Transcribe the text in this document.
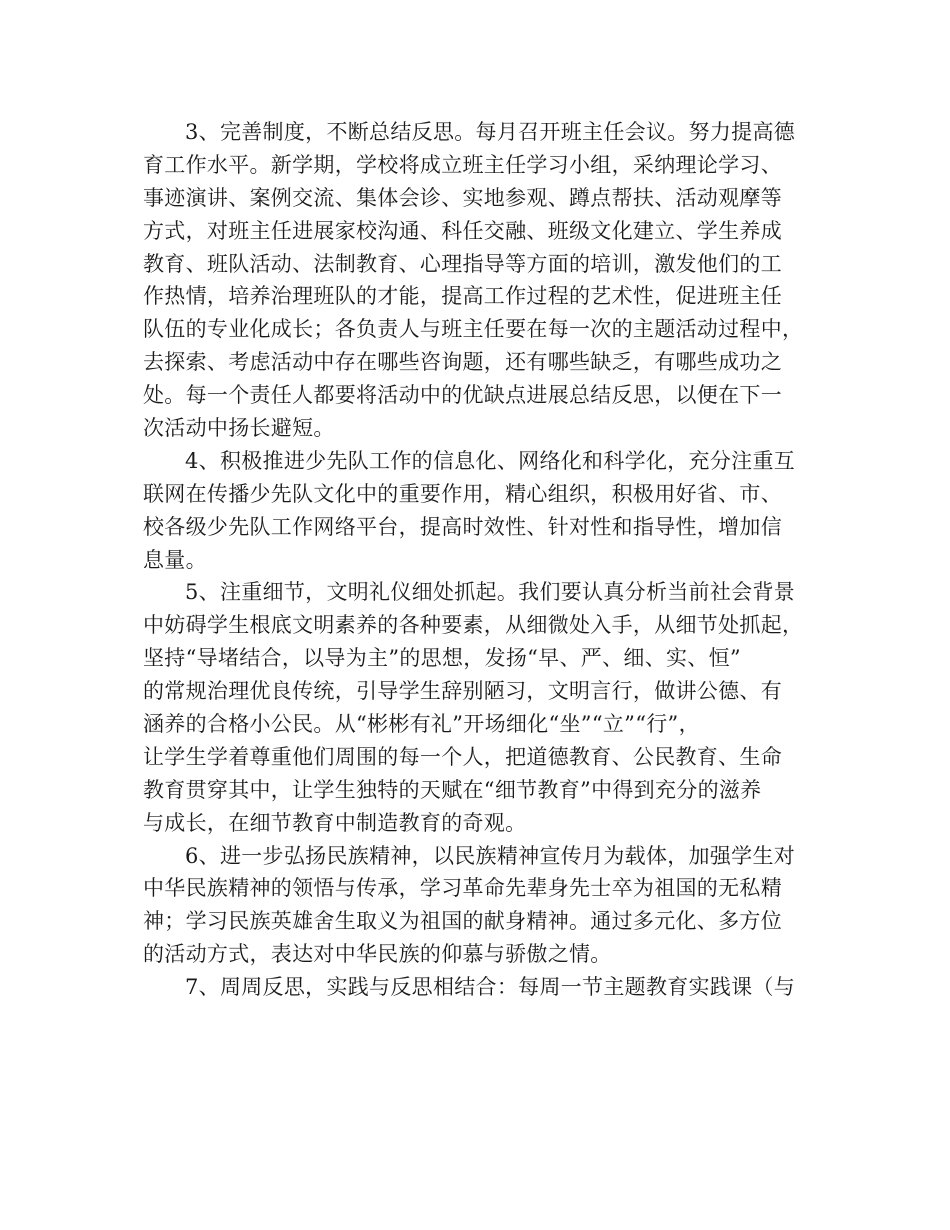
3、完善制度，不断总结反思。每月召开班主任会议。努力提高德
育工作水平。新学期，学校将成立班主任学习小组，采纳理论学习、
事迹演讲、案例交流、集体会诊、实地参观、蹲点帮扶、活动观摩等
方式，对班主任进展家校沟通、科任交融、班级文化建立、学生养成
教育、班队活动、法制教育、心理指导等方面的培训，激发他们的工
作热情，培养治理班队的才能，提高工作过程的艺术性，促进班主任
队伍的专业化成长；各负责人与班主任要在每一次的主题活动过程中，
去探索、考虑活动中存在哪些咨询题，还有哪些缺乏，有哪些成功之
处。每一个责任人都要将活动中的优缺点进展总结反思，以便在下一
次活动中扬长避短。
4、积极推进少先队工作的信息化、网络化和科学化，充分注重互
联网在传播少先队文化中的重要作用，精心组织，积极用好省、市、
校各级少先队工作网络平台，提高时效性、针对性和指导性，增加信
息量。
5、注重细节，文明礼仪细处抓起。我们要认真分析当前社会背景
中妨碍学生根底文明素养的各种要素，从细微处入手，从细节处抓起，
坚持“导堵结合，以导为主”的思想，发扬“早、严、细、实、恒”
的常规治理优良传统，引导学生辞别陋习，文明言行，做讲公德、有
涵养的合格小公民。从“彬彬有礼”开场细化“坐”“立”“行”，
让学生学着尊重他们周围的每一个人，把道德教育、公民教育、生命
教育贯穿其中，让学生独特的天赋在“细节教育”中得到充分的滋养
与成长，在细节教育中制造教育的奇观。
6、进一步弘扬民族精神，以民族精神宣传月为载体，加强学生对
中华民族精神的领悟与传承，学习革命先辈身先士卒为祖国的无私精
神；学习民族英雄舍生取义为祖国的献身精神。通过多元化、多方位
的活动方式，表达对中华民族的仰慕与骄傲之情。
7、周周反思，实践与反思相结合：每周一节主题教育实践课（与
